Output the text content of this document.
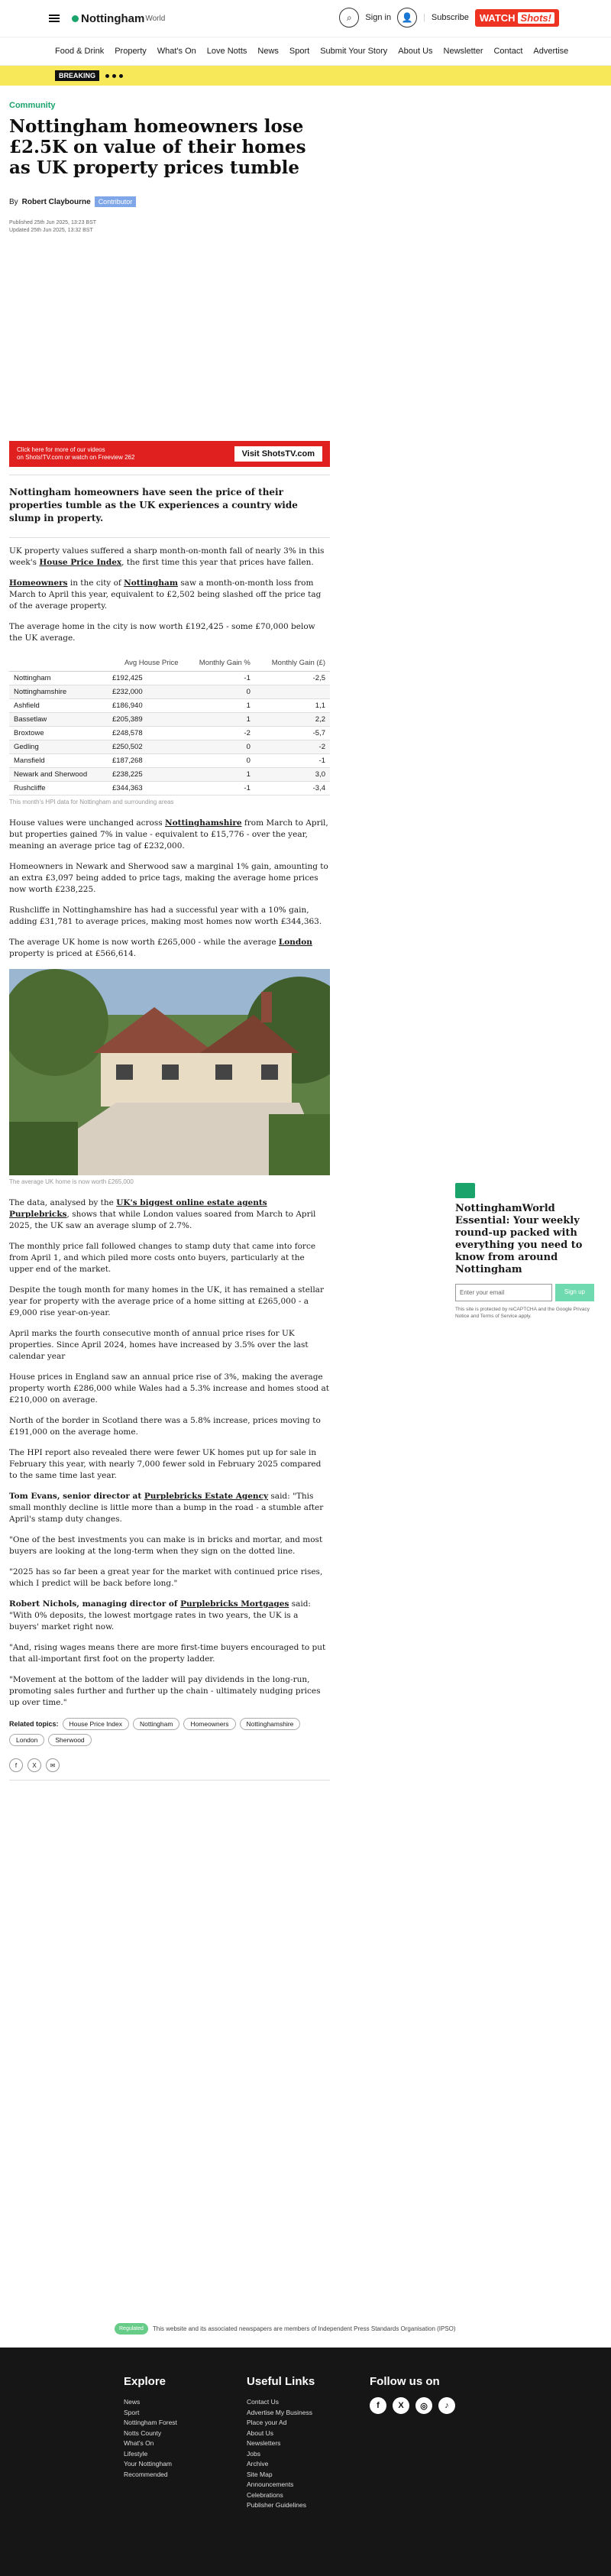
Nottingham World	⌕	Sign in	👤	| Subscribe WATCH Shots!
Food & Drink Property What's On Love Notts News Sport Submit Your Story About Us Newsletter Contact Advertise
BREAKING
Community
Nottingham homeowners lose £2.5K on value of their homes as UK property prices tumble
By Robert Claybourne	Contributor
Published 25th Jun 2025, 13:23 BST
Updated 25th Jun 2025, 13:32 BST
Click here for more of our videos
on Shots!TV.com or watch on Freeview 262	Visit ShotsTV.com

Nottingham homeowners have seen the price of their properties tumble as the UK experiences a country wide slump in property.

UK property values suffered a sharp month-on-month fall of nearly 3% in this week's House Price Index, the first time this year that prices have fallen.

Homeowners in the city of Nottingham saw a month-on-month loss from March to April this year, equivalent to £2,502 being slashed off the price tag of the average property.

The average home in the city is now worth £192,425 - some £70,000 below the UK average.

	Avg House Price	Monthly Gain %	Monthly Gain (£)
Nottingham	£192,425	-1	-2,5
Nottinghamshire	£232,000	0	
Ashfield	£186,940	1	1,1
Bassetlaw	£205,389	1	2,2
Broxtowe	£248,578	-2	-5,7
Gedling	£250,502	0	-2
Mansfield	£187,268	0	-1
Newark and Sherwood	£238,225	1	3,0
Rushcliffe	£344,363	-1	-3,4
This month's HPI data for Nottingham and surrounding areas

House values were unchanged across Nottinghamshire from March to April, but properties gained 7% in value - equivalent to £15,776 - over the year, meaning an average price tag of £232,000.

Homeowners in Newark and Sherwood saw a marginal 1% gain, amounting to an extra £3,097 being added to price tags, making the average home prices now worth £238,225.

Rushcliffe in Nottinghamshire has had a successful year with a 10% gain, adding £31,781 to average prices, making most homes now worth £344,363.

The average UK home is now worth £265,000 - while the average London property is priced at £566,614.

The average UK home is now worth £265,000

The data, analysed by the UK's biggest online estate agents Purplebricks, shows that while London values soared from March to April 2025, the UK saw an average slump of 2.7%.

The monthly price fall followed changes to stamp duty that came into force from April 1, and which piled more costs onto buyers, particularly at the upper end of the market.

Despite the tough month for many homes in the UK, it has remained a stellar year for property with the average price of a home sitting at £265,000 - a £9,000 rise year-on-year.

April marks the fourth consecutive month of annual price rises for UK properties. Since April 2024, homes have increased by 3.5% over the last calendar year

House prices in England saw an annual price rise of 3%, making the average property worth £286,000 while Wales had a 5.3% increase and homes stood at £210,000 on average.

North of the border in Scotland there was a 5.8% increase, prices moving to £191,000 on the average home.

The HPI report also revealed there were fewer UK homes put up for sale in February this year, with nearly 7,000 fewer sold in February 2025 compared to the same time last year.

Tom Evans, senior director at Purplebricks Estate Agency said: "This small monthly decline is little more than a bump in the road - a stumble after April's stamp duty changes.

"One of the best investments you can make is in bricks and mortar, and most buyers are looking at the long-term when they sign on the dotted line.

"2025 has so far been a great year for the market with continued price rises, which I predict will be back before long."

Robert Nichols, managing director of Purplebricks Mortgages said: "With 0% deposits, the lowest mortgage rates in two years, the UK is a buyers' market right now.

"And, rising wages means there are more first-time buyers encouraged to put that all-important first foot on the property ladder.

"Movement at the bottom of the ladder will pay dividends in the long-run, promoting sales further and further up the chain - ultimately nudging prices up over time."

Related topics:	House Price Index	Nottingham	Homeowners	Nottinghamshire
London	Sherwood
f	X	✉
NottinghamWorld Essential: Your weekly round-up packed with everything you need to know from around Nottingham
Enter your email	Sign up
This site is protected by reCAPTCHA and the Google Privacy Notice and Terms of Service apply.
Regulated	This website and its associated newspapers are members of Independent Press Standards Organisation (IPSO)
Explore
News
Sport
Nottingham Forest
Notts County
What's On
Lifestyle
Your Nottingham
Recommended
Useful Links
Contact Us
Advertise My Business
Place your Ad
About Us
Newsletters
Jobs
Archive
Site Map
Announcements
Celebrations
Publisher Guidelines
Follow us on
f	X	◎	♪
